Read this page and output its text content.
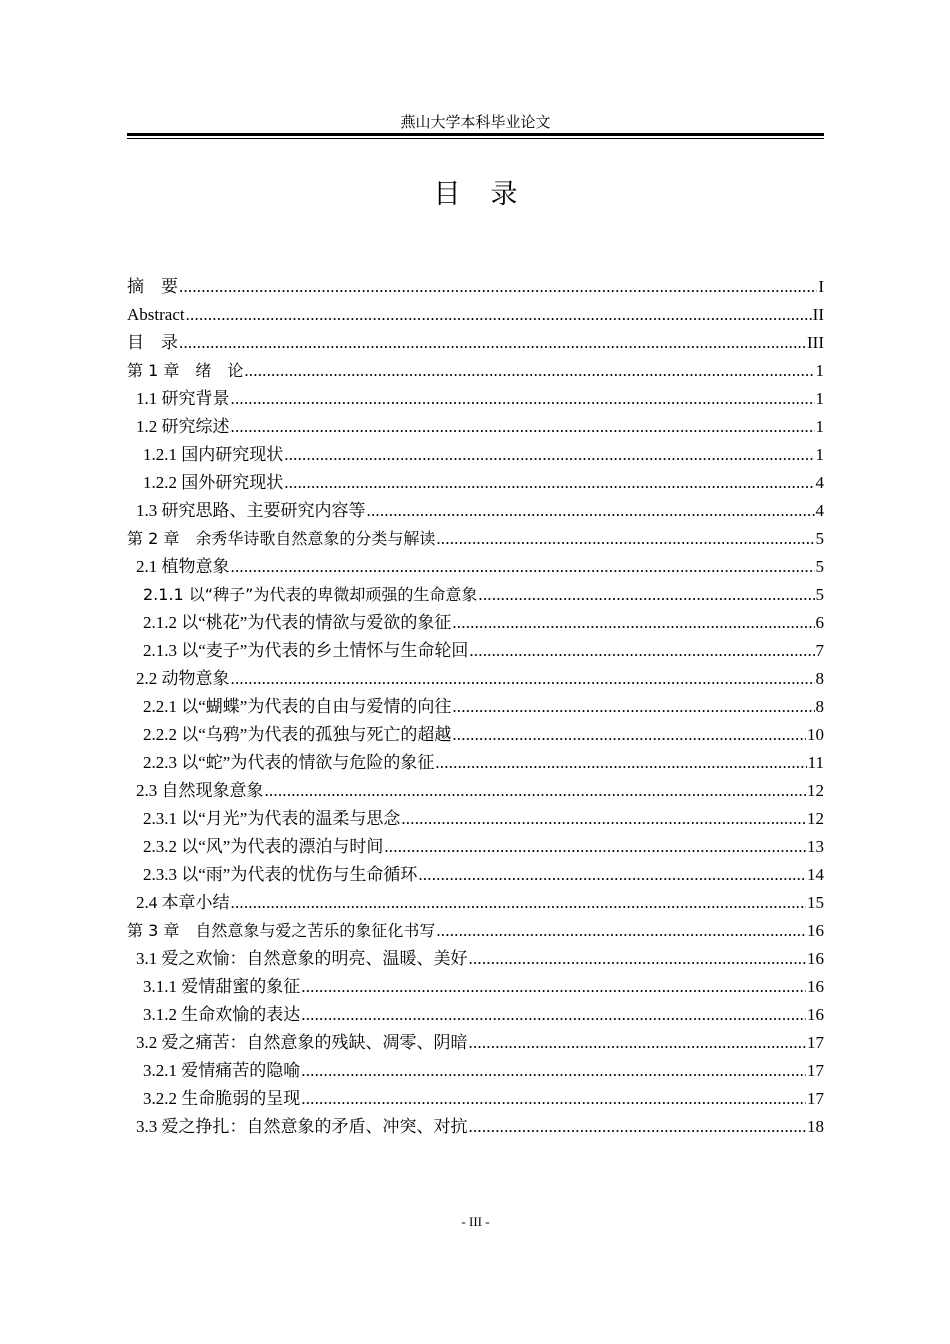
燕山大学本科毕业论文
目录
摘　要 .....	I
Abstract .....	II
目　录 .....	III
第 1 章　绪　论 .....	1
1.1 研究背景 .....	1
1.2 研究综述 .....	1
1.2.1 国内研究现状 .....	1
1.2.2 国外研究现状 .....	4
1.3 研究思路、主要研究内容等 .....	4
第 2 章　余秀华诗歌自然意象的分类与解读 .....	5
2.1 植物意象 .....	5
2.1.1 以“稗子”为代表的卑微却顽强的生命意象 .....	5
2.1.2 以“桃花”为代表的情欲与爱欲的象征 .....	6
2.1.3 以“麦子”为代表的乡土情怀与生命轮回 .....	7
2.2 动物意象 .....	8
2.2.1 以“蝴蝶”为代表的自由与爱情的向往 .....	8
2.2.2 以“乌鸦”为代表的孤独与死亡的超越 .....	10
2.2.3 以“蛇”为代表的情欲与危险的象征 .....	11
2.3 自然现象意象 .....	12
2.3.1 以“月光”为代表的温柔与思念 .....	12
2.3.2 以“风”为代表的漂泊与时间 .....	13
2.3.3 以“雨”为代表的忧伤与生命循环 .....	14
2.4 本章小结 .....	15
第 3 章　自然意象与爱之苦乐的象征化书写 .....	16
3.1 爱之欢愉：自然意象的明亮、温暖、美好 .....	16
3.1.1 爱情甜蜜的象征 .....	16
3.1.2 生命欢愉的表达 .....	16
3.2 爱之痛苦：自然意象的残缺、凋零、阴暗 .....	17
3.2.1 爱情痛苦的隐喻 .....	17
3.2.2 生命脆弱的呈现 .....	17
3.3 爱之挣扎：自然意象的矛盾、冲突、对抗 .....	18
- III -
